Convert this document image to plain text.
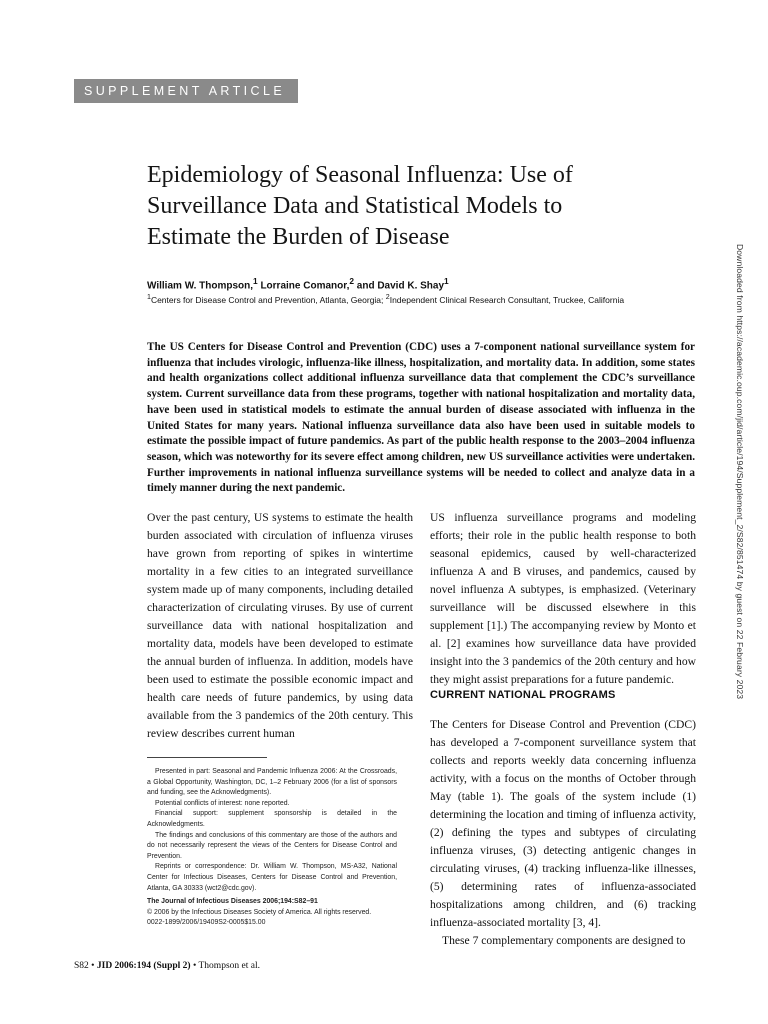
SUPPLEMENT ARTICLE
Epidemiology of Seasonal Influenza: Use of Surveillance Data and Statistical Models to Estimate the Burden of Disease
William W. Thompson,$^1$ Lorraine Comanor,$^2$ and David K. Shay$^1$
$^1$Centers for Disease Control and Prevention, Atlanta, Georgia; $^2$Independent Clinical Research Consultant, Truckee, California

The US Centers for Disease Control and Prevention (CDC) uses a 7-component national surveillance system for influenza that includes virologic, influenza-like illness, hospitalization, and mortality data. In addition, some states and health organizations collect additional influenza surveillance data that complement the CDC’s surveillance system. Current surveillance data from these programs, together with national hospitalization and mortality data, have been used in statistical models to estimate the annual burden of disease associated with influenza in the United States for many years. National influenza surveillance data also have been used in suitable models to estimate the possible impact of future pandemics. As part of the public health response to the 2003–2004 influenza season, which was noteworthy for its severe effect among children, new US surveillance activities were undertaken. Further improvements in national influenza surveillance systems will be needed to collect and analyze data in a timely manner during the next pandemic.

Over the past century, US systems to estimate the health burden associated with circulation of influenza viruses have grown from reporting of spikes in wintertime mortality in a few cities to an integrated surveillance system made up of many components, including detailed characterization of circulating viruses. By use of current surveillance data with national hospitalization and mortality data, models have been developed to estimate the annual burden of influenza. In addition, models have been used to estimate the possible economic impact and health care needs of future pandemics, by using data available from the 3 pandemics of the 20th century. This review describes current human

US influenza surveillance programs and modeling efforts; their role in the public health response to both seasonal epidemics, caused by well-characterized influenza A and B viruses, and pandemics, caused by novel influenza A subtypes, is emphasized. (Veterinary surveillance will be discussed elsewhere in this supplement [1].) The accompanying review by Monto et al. [2] examines how surveillance data have provided insight into the 3 pandemics of the 20th century and how they might assist preparations for a future pandemic.

CURRENT NATIONAL PROGRAMS

The Centers for Disease Control and Prevention (CDC) has developed a 7-component surveillance system that collects and reports weekly data concerning influenza activity, with a focus on the months of October through May (table 1). The goals of the system include (1) determining the location and timing of influenza activity, (2) defining the types and subtypes of circulating influenza viruses, (3) detecting antigenic changes in circulating viruses, (4) tracking influenza-like illnesses, (5) determining rates of influenza-associated hospitalizations among children, and (6) tracking influenza-associated mortality [3, 4].

These 7 complementary components are designed to

Presented in part: Seasonal and Pandemic Influenza 2006: At the Crossroads, a Global Opportunity, Washington, DC, 1–2 February 2006 (for a list of sponsors and funding, see the Acknowledgments).

Potential conflicts of interest: none reported.

Financial support: supplement sponsorship is detailed in the Acknowledgments.

The findings and conclusions of this commentary are those of the authors and do not necessarily represent the views of the Centers for Disease Control and Prevention.

Reprints or correspondence: Dr. William W. Thompson, MS-A32, National Center for Infectious Diseases, Centers for Disease Control and Prevention, Atlanta, GA 30333 (wct2@cdc.gov).

The Journal of Infectious Diseases 2006;194:S82–91

© 2006 by the Infectious Diseases Society of America. All rights reserved.

0022-1899/2006/19409S2-0005$15.00

S82 • JID 2006:194 (Suppl 2) • Thompson et al.
Downloaded from https://academic.oup.com/jid/article/194/Supplement_2/S82/851474 by guest on 22 February 2023
